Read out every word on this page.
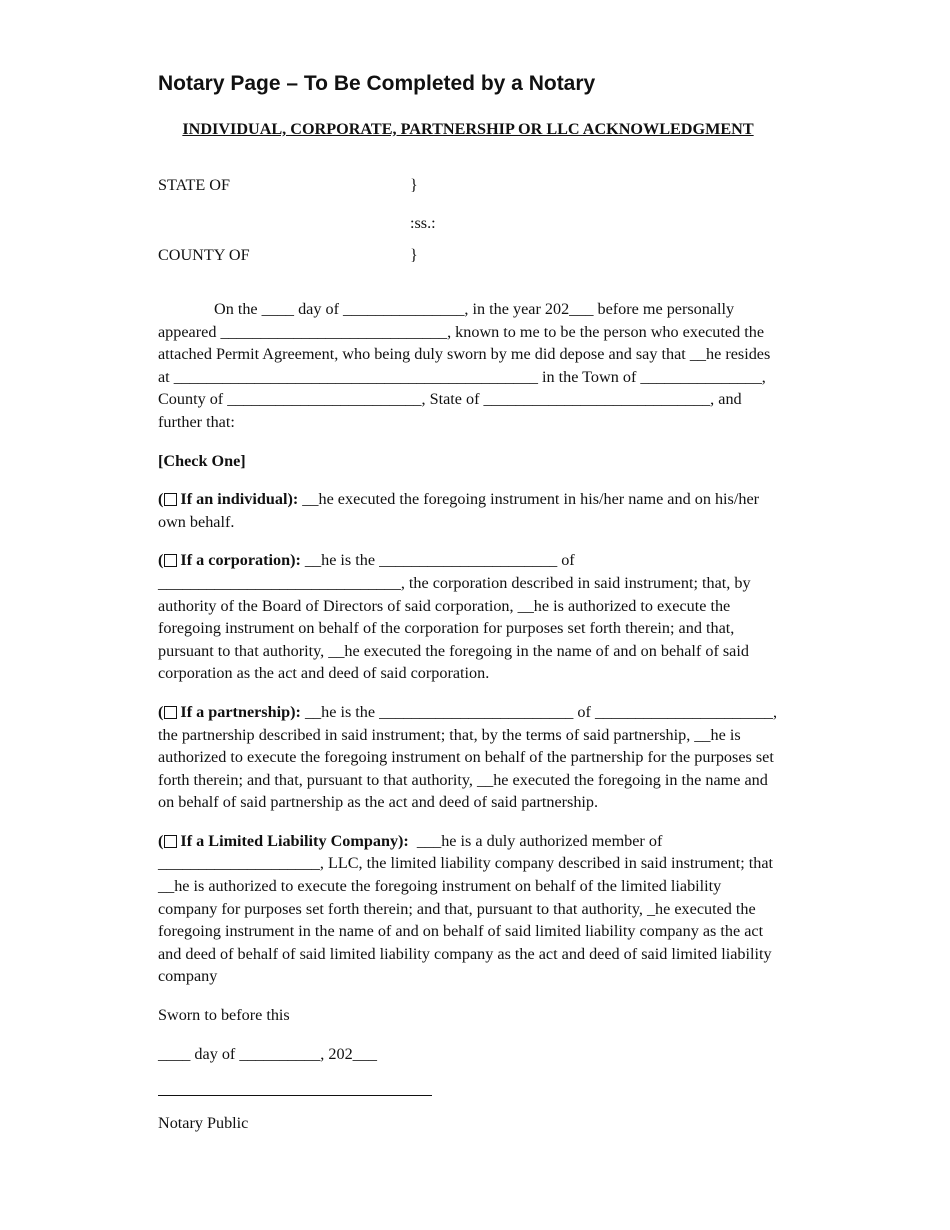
Notary Page – To Be Completed by a Notary
INDIVIDUAL, CORPORATE, PARTNERSHIP OR LLC ACKNOWLEDGMENT
STATE OF	}
:ss.:
COUNTY OF	}

On the ____ day of _______________, in the year 202___ before me personally appeared ____________________________, known to me to be the person who executed the attached Permit Agreement, who being duly sworn by me did depose and say that __he resides at _____________________________________________ in the Town of _______________, County of ________________________, State of ____________________________, and further that:

[Check One]

( If an individual): __he executed the foregoing instrument in his/her name and on his/her own behalf.

( If a corporation): __he is the ______________________ of ______________________________, the corporation described in said instrument; that, by authority of the Board of Directors of said corporation, __he is authorized to execute the foregoing instrument on behalf of the corporation for purposes set forth therein; and that, pursuant to that authority, __he executed the foregoing in the name of and on behalf of said corporation as the act and deed of said corporation.

( If a partnership): __he is the ________________________ of ______________________, the partnership described in said instrument; that, by the terms of said partnership, __he is authorized to execute the foregoing instrument on behalf of the partnership for the purposes set forth therein; and that, pursuant to that authority, __he executed the foregoing in the name and on behalf of said partnership as the act and deed of said partnership.

( If a Limited Liability Company): ___he is a duly authorized member of ____________________, LLC, the limited liability company described in said instrument; that __he is authorized to execute the foregoing instrument on behalf of the limited liability company for purposes set forth therein; and that, pursuant to that authority, _he executed the foregoing instrument in the name of and on behalf of said limited liability company as the act and deed of behalf of said limited liability company as the act and deed of said limited liability company

Sworn to before this

____ day of __________, 202___

Notary Public
